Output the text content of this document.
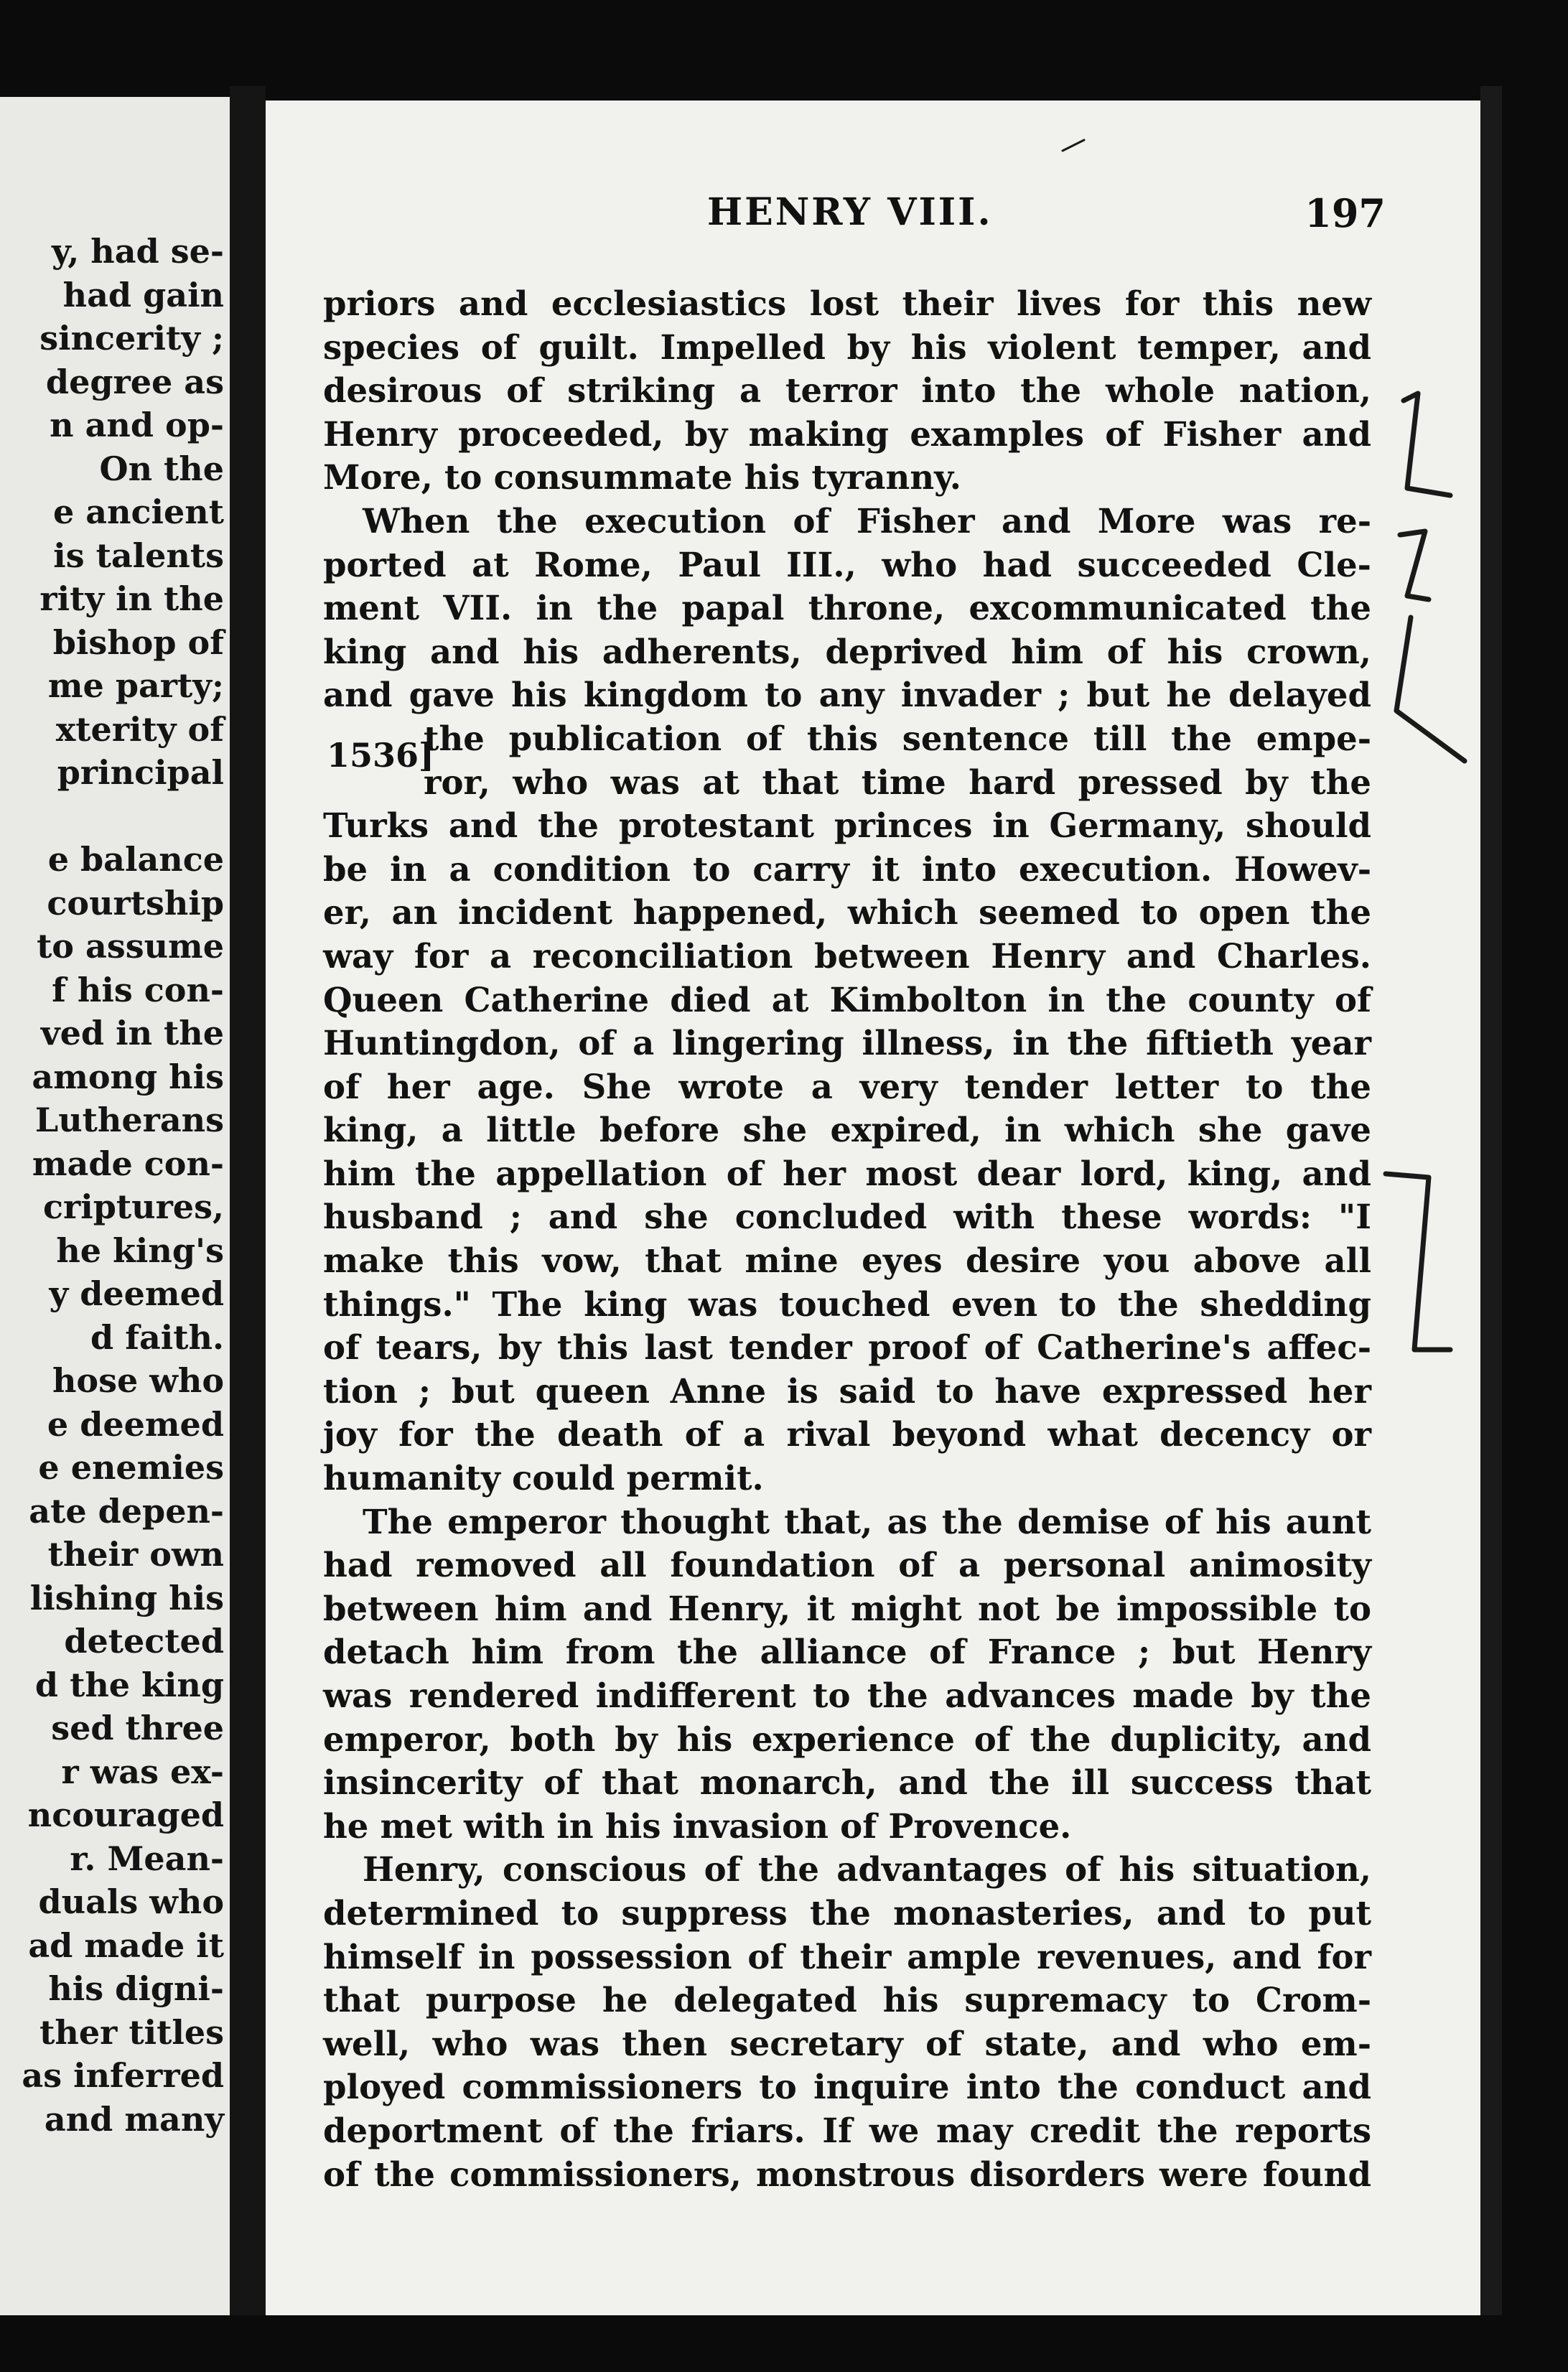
y, had se-
had gain
sincerity ;
degree as
n and op-
On the
e ancient
is talents
rity in the
bishop of
me party;
xterity of
principal
e balance
courtship
to assume
f his con-
ved in the
among his
Lutherans
made con-
criptures,
he king's
y deemed
d faith.
hose who
e deemed
e enemies
ate depen-
their own
lishing his
detected
d the king
sed three
r was ex-
ncouraged
r. Mean-
duals who
ad made it
his digni-
ther titles
as inferred
and many
HENRY VIII.	197
priors and ecclesiastics lost their lives for this new
species of guilt. Impelled by his violent temper, and
desirous of striking a terror into the whole nation,
Henry proceeded, by making examples of Fisher and
More, to consummate his tyranny.
When the execution of Fisher and More was re-
ported at Rome, Paul III., who had succeeded Cle-
ment VII. in the papal throne, excommunicated the
king and his adherents, deprived him of his crown,
and gave his kingdom to any invader ; but he delayed
the publication of this sentence till the empe-
ror, who was at that time hard pressed by the
Turks and the protestant princes in Germany, should
be in a condition to carry it into execution. Howev-
er, an incident happened, which seemed to open the
way for a reconciliation between Henry and Charles.
Queen Catherine died at Kimbolton in the county of
Huntingdon, of a lingering illness, in the fiftieth year
of her age. She wrote a very tender letter to the
king, a little before she expired, in which she gave
him the appellation of her most dear lord, king, and
husband ; and she concluded with these words: "I
make this vow, that mine eyes desire you above all
things." The king was touched even to the shedding
of tears, by this last tender proof of Catherine's affec-
tion ; but queen Anne is said to have expressed her
joy for the death of a rival beyond what decency or
humanity could permit.
The emperor thought that, as the demise of his aunt
had removed all foundation of a personal animosity
between him and Henry, it might not be impossible to
detach him from the alliance of France ; but Henry
was rendered indifferent to the advances made by the
emperor, both by his experience of the duplicity, and
insincerity of that monarch, and the ill success that
he met with in his invasion of Provence.
Henry, conscious of the advantages of his situation,
determined to suppress the monasteries, and to put
himself in possession of their ample revenues, and for
that purpose he delegated his supremacy to Crom-
well, who was then secretary of state, and who em-
ployed commissioners to inquire into the conduct and
deportment of the friars. If we may credit the reports
of the commissioners, monstrous disorders were found
1536]
